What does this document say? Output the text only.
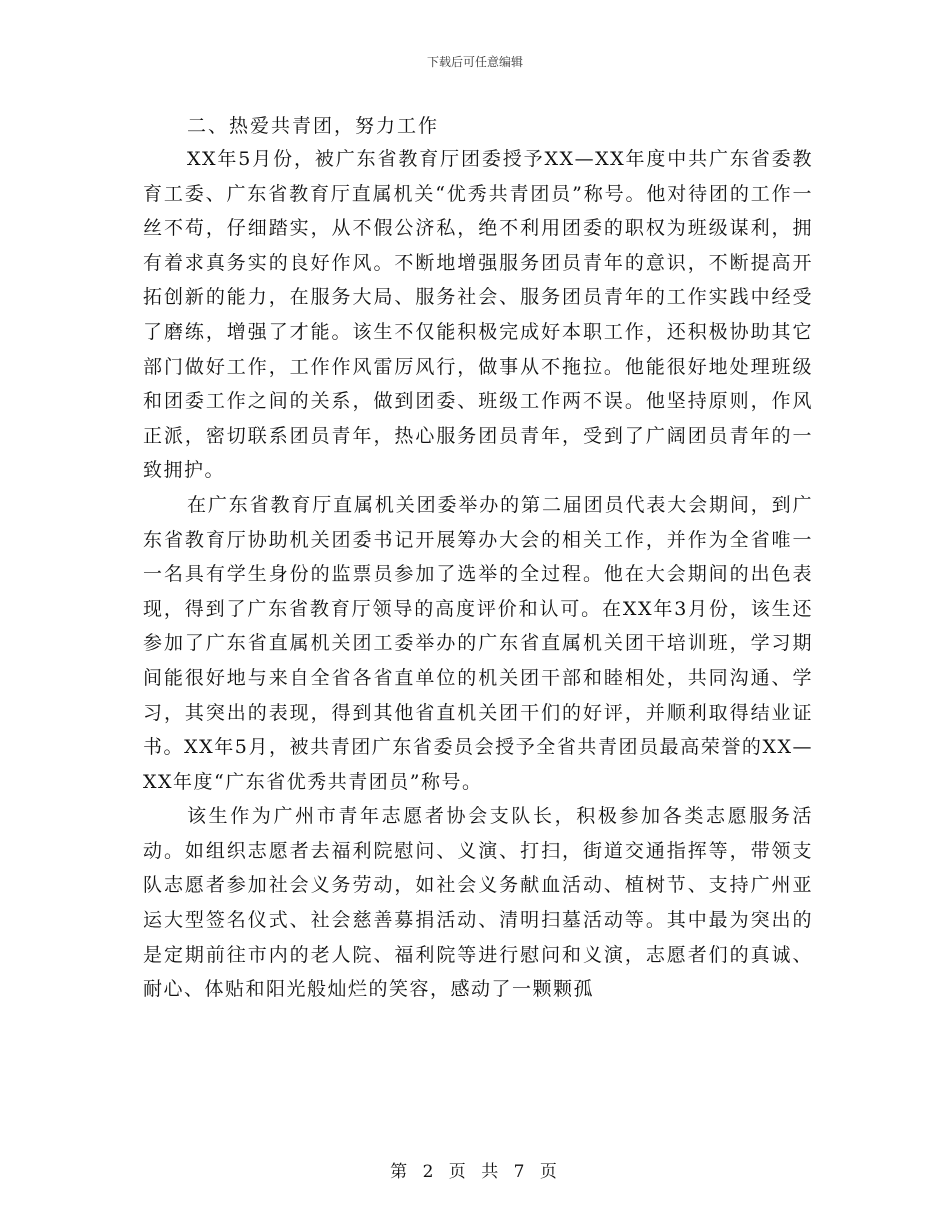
下载后可任意编辑
二、热爱共青团，努力工作

XX年5月份，被广东省教育厅团委授予XX—XX年度中共广东省委教育工委、广东省教育厅直属机关“优秀共青团员”称号。他对待团的工作一丝不苟，仔细踏实，从不假公济私，绝不利用团委的职权为班级谋利，拥有着求真务实的良好作风。不断地增强服务团员青年的意识，不断提高开拓创新的能力，在服务大局、服务社会、服务团员青年的工作实践中经受了磨练，增强了才能。该生不仅能积极完成好本职工作，还积极协助其它部门做好工作，工作作风雷厉风行，做事从不拖拉。他能很好地处理班级和团委工作之间的关系，做到团委、班级工作两不误。他坚持原则，作风正派，密切联系团员青年，热心服务团员青年，受到了广阔团员青年的一致拥护。

在广东省教育厅直属机关团委举办的第二届团员代表大会期间，到广东省教育厅协助机关团委书记开展筹办大会的相关工作，并作为全省唯一一名具有学生身份的监票员参加了选举的全过程。他在大会期间的出色表现，得到了广东省教育厅领导的高度评价和认可。在XX年3月份，该生还参加了广东省直属机关团工委举办的广东省直属机关团干培训班，学习期间能很好地与来自全省各省直单位的机关团干部和睦相处，共同沟通、学习，其突出的表现，得到其他省直机关团干们的好评，并顺利取得结业证书。XX年5月，被共青团广东省委员会授予全省共青团员最高荣誉的XX—XX年度“广东省优秀共青团员”称号。

该生作为广州市青年志愿者协会支队长，积极参加各类志愿服务活动。如组织志愿者去福利院慰问、义演、打扫，街道交通指挥等，带领支队志愿者参加社会义务劳动，如社会义务献血活动、植树节、支持广州亚运大型签名仪式、社会慈善募捐活动、清明扫墓活动等。其中最为突出的是定期前往市内的老人院、福利院等进行慰问和义演，志愿者们的真诚、耐心、体贴和阳光般灿烂的笑容，感动了一颗颗孤

第 2 页 共 7 页
